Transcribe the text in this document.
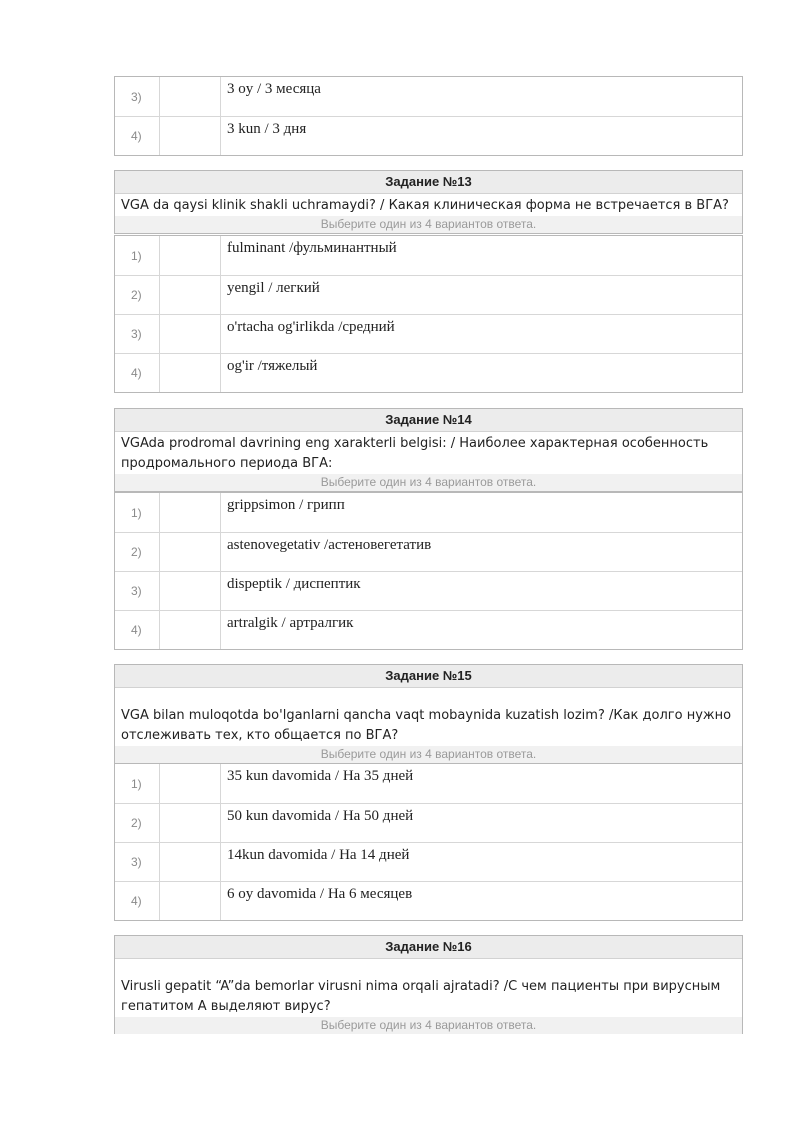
3)	3 oy / 3 месяца
4)	3 kun / 3 дня
Задание №13
VGA da qaysi klinik shakli uchramaydi? / Какая клиническая форма не встречается в ВГА?
Выберите один из 4 вариантов ответа.
1)	fulminant /фульминантный
2)	yengil / легкий
3)	o'rtacha og'irlikda /средний
4)	og'ir /тяжелый
Задание №14
VGAda prodromal davrining eng xarakterli belgisi: / Наиболее характерная особенность продромального периода ВГА:
Выберите один из 4 вариантов ответа.
1)	grippsimon / грипп
2)	astenovegetativ /астеновегетатив
3)	dispeptik / диспептик
4)	artralgik / артралгик
Задание №15
VGA bilan muloqotda bo'lganlarni qancha vaqt mobaynida kuzatish lozim? /Как долго нужно отслеживать тех, кто общается по ВГА?
Выберите один из 4 вариантов ответа.
1)	35 kun davomida / На 35 дней
2)	50 kun davomida / На 50 дней
3)	14kun davomida / На 14 дней
4)	6 oy davomida / На 6 месяцев
Задание №16
Virusli gepatit “A”da bemorlar virusni nima orqali ajratadi? /С чем пациенты при вирусным гепатитом А выделяют вирус?
Выберите один из 4 вариантов ответа.
